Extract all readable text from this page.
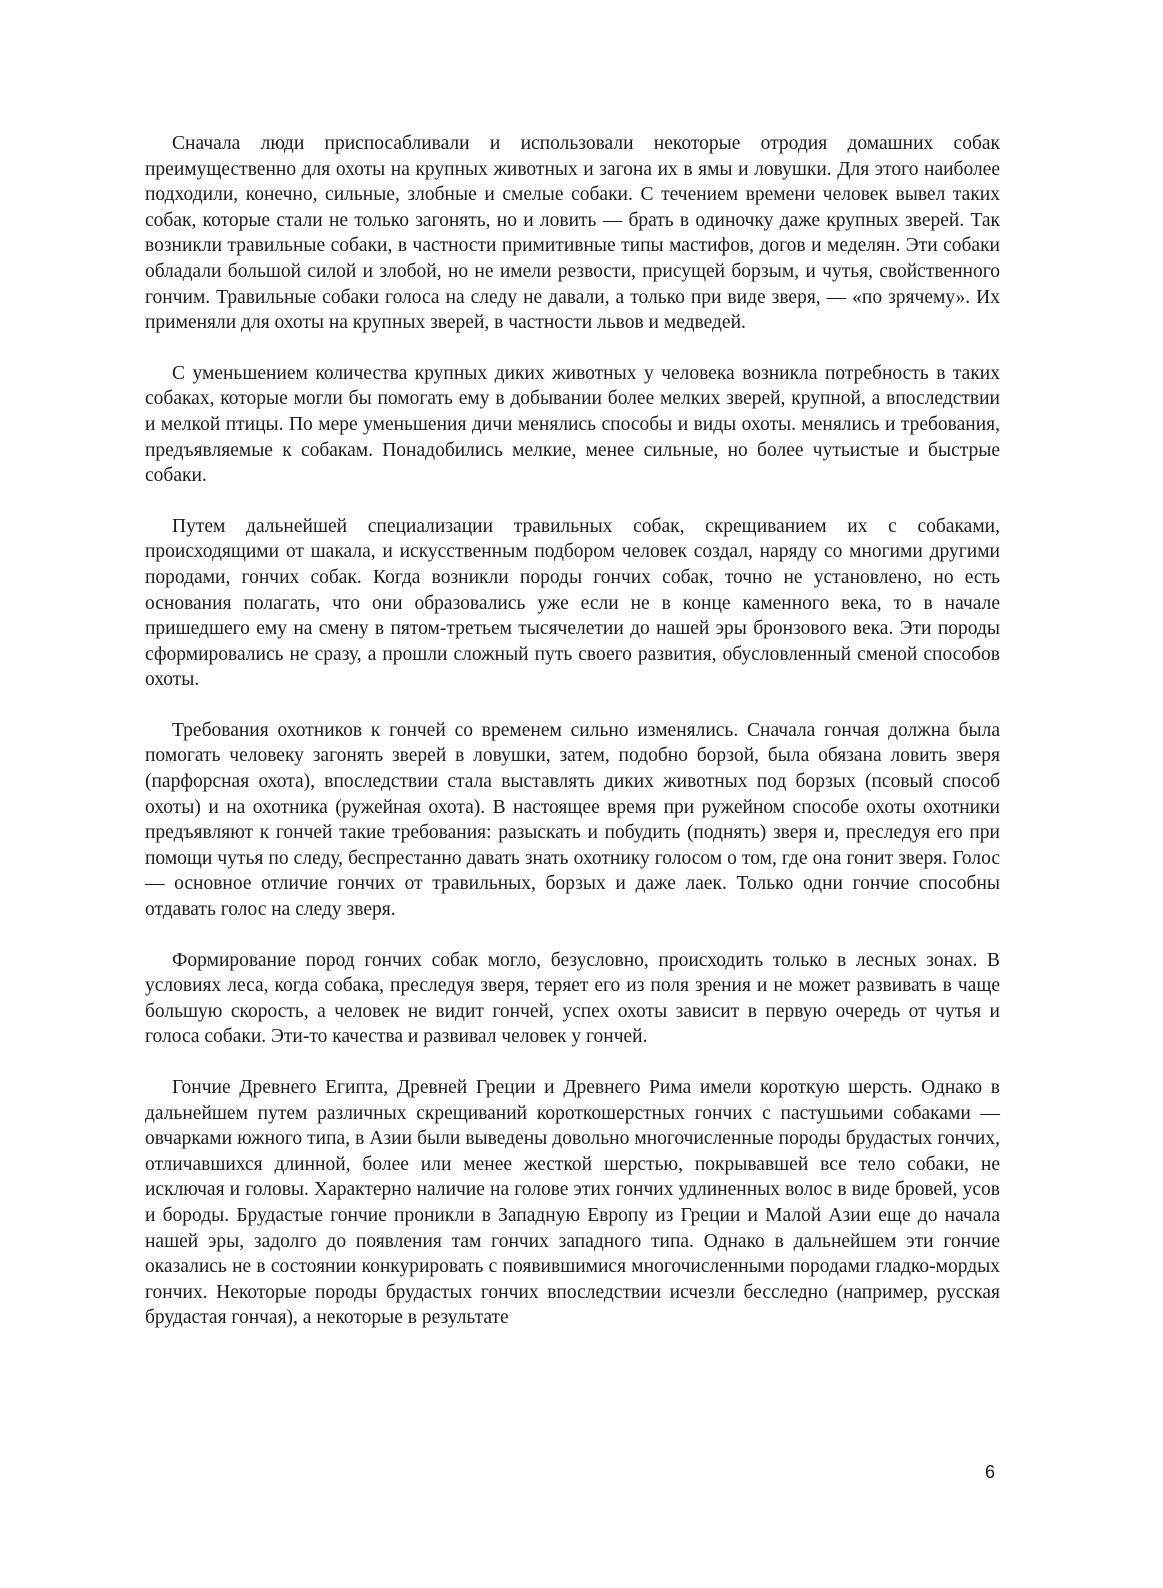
Сначала люди приспосабливали и использовали некоторые отродия домашних собак преимущественно для охоты на крупных животных и загона их в ямы и ловушки. Для этого наиболее подходили, конечно, сильные, злобные и смелые собаки. С течением времени человек вывел таких собак, которые стали не только загонять, но и ловить — брать в одиночку даже крупных зверей. Так возникли травильные собаки, в частности примитивные типы мастифов, догов и меделян. Эти собаки обладали большой силой и злобой, но не имели резвости, присущей борзым, и чутья, свойственного гончим. Травильные собаки голоса на следу не давали, а только при виде зверя, — «по зрячему». Их применяли для охоты на крупных зверей, в частности львов и медведей.

С уменьшением количества крупных диких животных у человека возникла потребность в таких собаках, которые могли бы помогать ему в добывании более мелких зверей, крупной, а впоследствии и мелкой птицы. По мере уменьшения дичи менялись способы и виды охоты. менялись и требования, предъявляемые к собакам. Понадобились мелкие, менее сильные, но более чутьистые и быстрые собаки.

Путем дальнейшей специализации травильных собак, скрещиванием их с собаками, происходящими от шакала, и искусственным подбором человек создал, наряду со многими другими породами, гончих собак. Когда возникли породы гончих собак, точно не установлено, но есть основания полагать, что они образовались уже если не в конце каменного века, то в начале пришедшего ему на смену в пятом-третьем тысячелетии до нашей эры бронзового века. Эти породы сформировались не сразу, а прошли сложный путь своего развития, обусловленный сменой способов охоты.

Требования охотников к гончей со временем сильно изменялись. Сначала гончая должна была помогать человеку загонять зверей в ловушки, затем, подобно борзой, была обязана ловить зверя (парфорсная охота), впоследствии стала выставлять диких животных под борзых (псовый способ охоты) и на охотника (ружейная охота). В настоящее время при ружейном способе охоты охотники предъявляют к гончей такие требования: разыскать и побудить (поднять) зверя и, преследуя его при помощи чутья по следу, беспрестанно давать знать охотнику голосом о том, где она гонит зверя. Голос — основное отличие гончих от травильных, борзых и даже лаек. Только одни гончие способны отдавать голос на следу зверя.

Формирование пород гончих собак могло, безусловно, происходить только в лесных зонах. В условиях леса, когда собака, преследуя зверя, теряет его из поля зрения и не может развивать в чаще большую скорость, а человек не видит гончей, успех охоты зависит в первую очередь от чутья и голоса собаки. Эти-то качества и развивал человек у гончей.

Гончие Древнего Египта, Древней Греции и Древнего Рима имели короткую шерсть. Однако в дальнейшем путем различных скрещиваний короткошерстных гончих с пастушьими собаками — овчарками южного типа, в Азии были выведены довольно многочисленные породы брудастых гончих, отличавшихся длинной, более или менее жесткой шерстью, покрывавшей все тело собаки, не исключая и головы. Характерно наличие на голове этих гончих удлиненных волос в виде бровей, усов и бороды. Брудастые гончие проникли в Западную Европу из Греции и Малой Азии еще до начала нашей эры, задолго до появления там гончих западного типа. Однако в дальнейшем эти гончие оказались не в состоянии конкурировать с появившимися многочисленными породами гладко-мордых гончих. Некоторые породы брудастых гончих впоследствии исчезли бесследно (например, русская брудастая гончая), а некоторые в результате

6
